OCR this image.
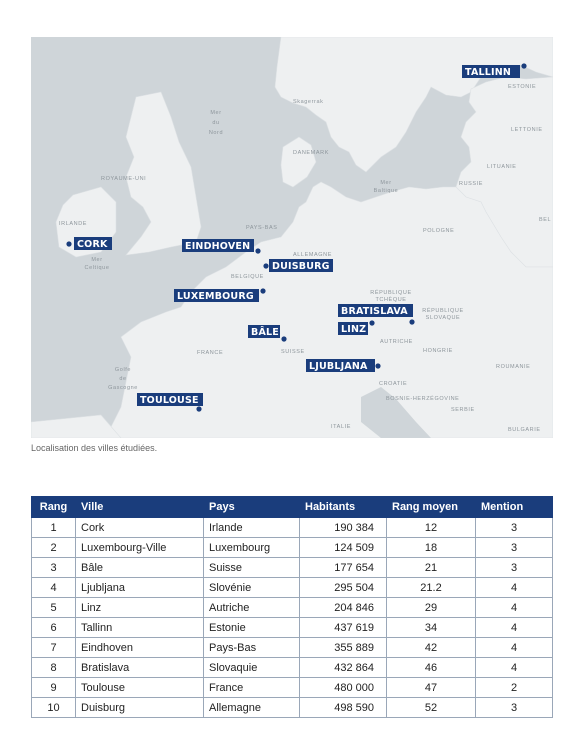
Mer
du
Nord
Skagerrak
DANEMARK
ROYAUME-UNI
IRLANDE
Mer
Celtique
PAYS-BAS
BELGIQUE
ALLEMAGNE
POLOGNE
Mer
Baltique
RUSSIE
LITUANIE
LETTONIE
ESTONIE
BEL
RÉPUBLIQUE
TCHÈQUE
RÉPUBLIQUE
SLOVAQUE
AUTRICHE
HONGRIE
ROUMANIE
FRANCE	SUISSE
Golfe
de
Gascogne
CROATIE
BOSNIE-HERZÉGOVINE
SERBIE
ITALIE	BULGARIE
TALLINN
CORK	EINDHOVEN
DUISBURG
LUXEMBOURG
BRATISLAVA
BÂLE	LINZ
LJUBLJANA
TOULOUSE
Localisation des villes étudiées.
Rang	Ville	Pays	Habitants	Rang moyen	Mention
1	Cork	Irlande	190 384	12	3
2	Luxembourg-Ville	Luxembourg	124 509	18	3
3	Bâle	Suisse	177 654	21	3
4	Ljubljana	Slovénie	295 504	21.2	4
5	Linz	Autriche	204 846	29	4
6	Tallinn	Estonie	437 619	34	4
7	Eindhoven	Pays-Bas	355 889	42	4
8	Bratislava	Slovaquie	432 864	46	4
9	Toulouse	France	480 000	47	2
10	Duisburg	Allemagne	498 590	52	3
